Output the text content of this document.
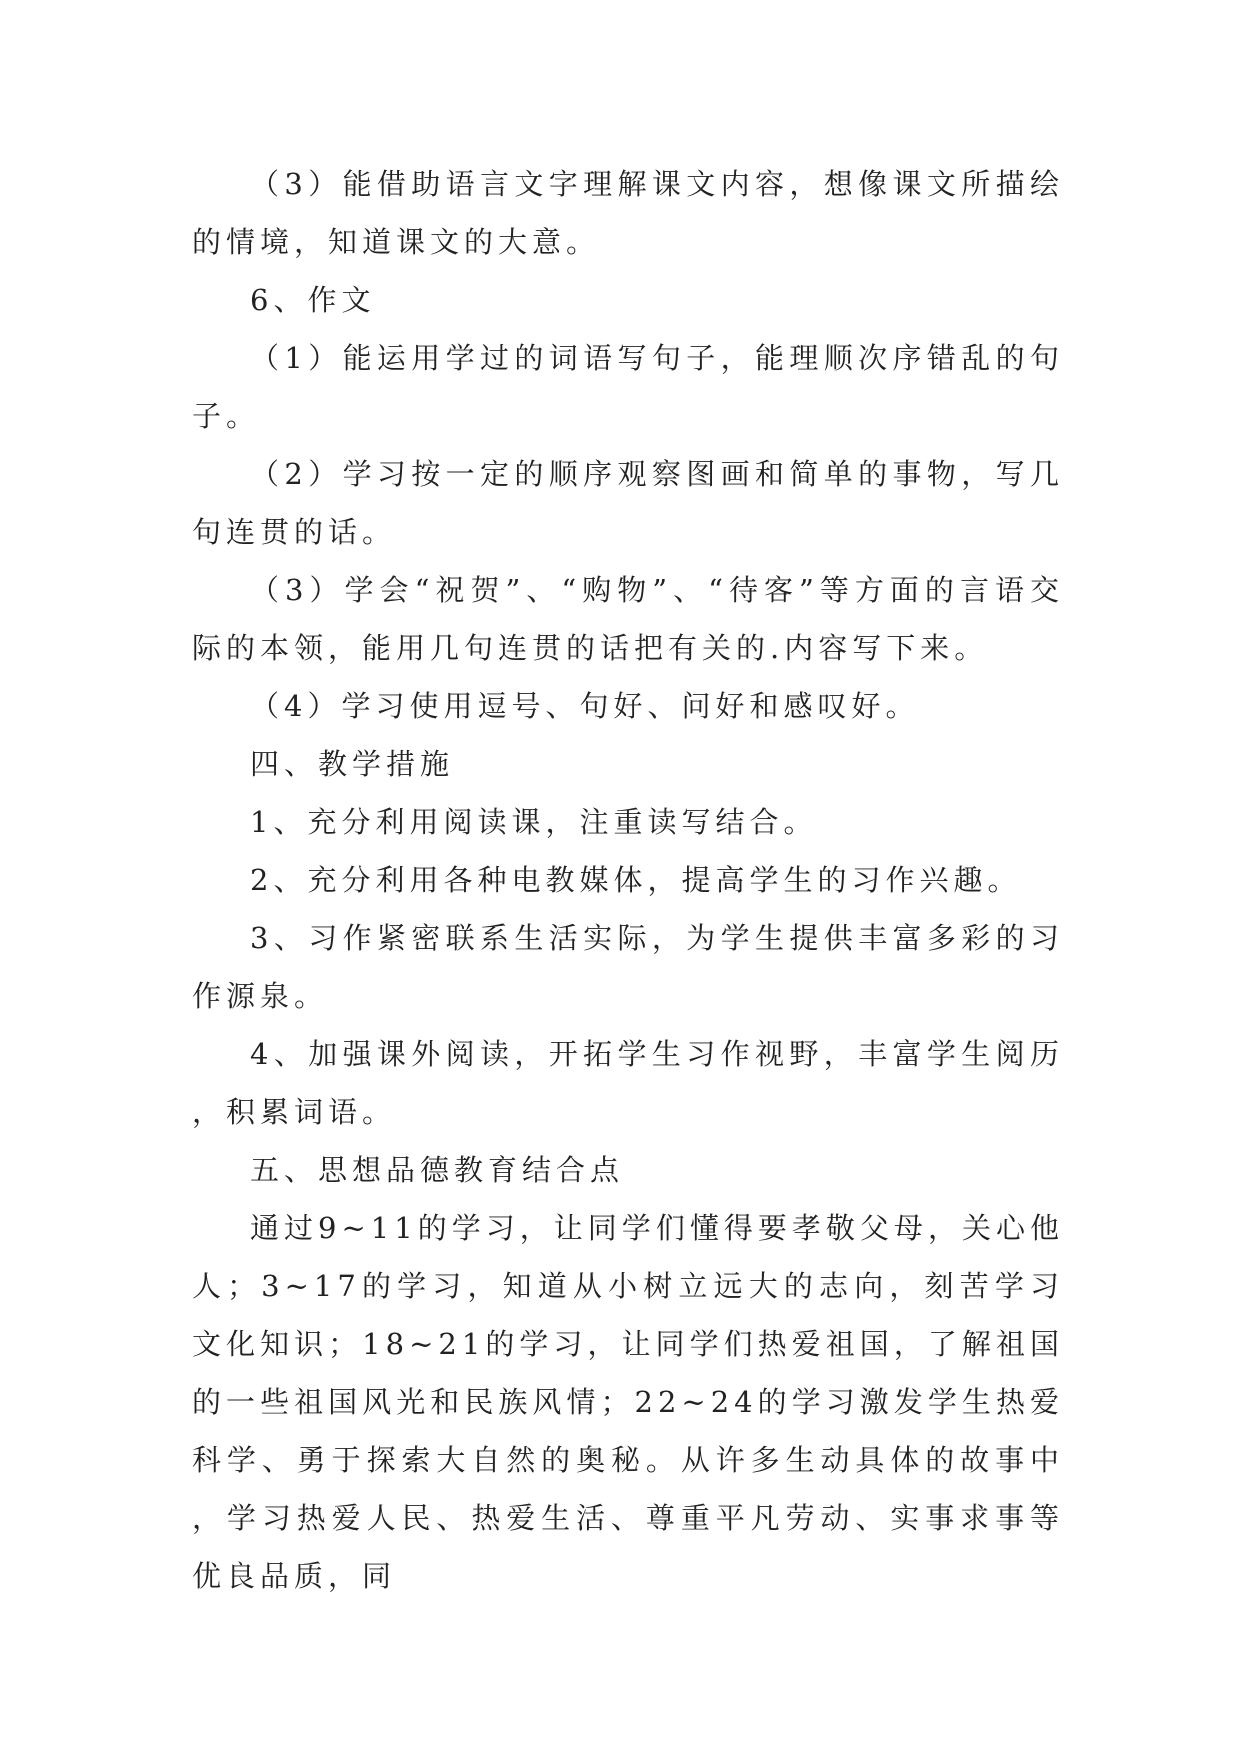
（3）能借助语言文字理解课文内容，想像课文所描绘的情境，知道课文的大意。

6、作文

（1）能运用学过的词语写句子，能理顺次序错乱的句子。

（2）学习按一定的顺序观察图画和简单的事物，写几句连贯的话。

（3）学会“祝贺”、“购物”、“待客”等方面的言语交际的本领，能用几句连贯的话把有关的.内容写下来。

（4）学习使用逗号、句好、问好和感叹好。

四、教学措施

1、充分利用阅读课，注重读写结合。

2、充分利用各种电教媒体，提高学生的习作兴趣。

3、习作紧密联系生活实际，为学生提供丰富多彩的习作源泉。

4、加强课外阅读，开拓学生习作视野，丰富学生阅历，积累词语。

五、思想品德教育结合点

通过9~11的学习，让同学们懂得要孝敬父母，关心他人；3~17的学习，知道从小树立远大的志向，刻苦学习文化知识；18~21的学习，让同学们热爱祖国，了解祖国的一些祖国风光和民族风情；22~24的学习激发学生热爱科学、勇于探索大自然的奥秘。从许多生动具体的故事中，学习热爱人民、热爱生活、尊重平凡劳动、实事求事等优良品质，同
